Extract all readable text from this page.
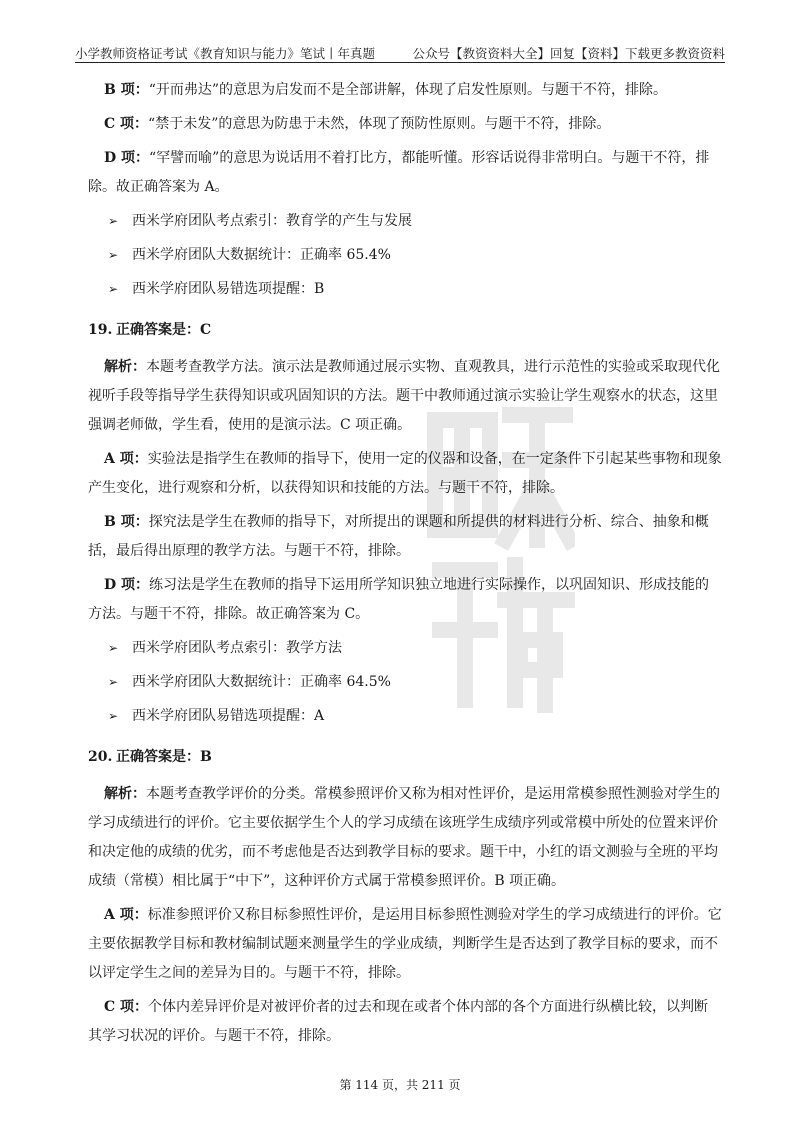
小学教师资格证考试《教育知识与能力》笔试丨年真题	公众号【教资资料大全】回复【资料】下载更多教资资料

B 项：“开而弗达”的意思为启发而不是全部讲解，体现了启发性原则。与题干不符，排除。

C 项：“禁于未发”的意思为防患于未然，体现了预防性原则。与题干不符，排除。

D 项：“罕譬而喻”的意思为说话用不着打比方，都能听懂。形容话说得非常明白。与题干不符，排除。故正确答案为 A。

➢ 西米学府团队考点索引：教育学的产生与发展

➢ 西米学府团队大数据统计：正确率 65.4%

➢ 西米学府团队易错选项提醒：B

19. 正确答案是：C

解析：本题考查教学方法。演示法是教师通过展示实物、直观教具，进行示范性的实验或采取现代化视听手段等指导学生获得知识或巩固知识的方法。题干中教师通过演示实验让学生观察水的状态，这里强调老师做，学生看，使用的是演示法。C 项正确。

A 项：实验法是指学生在教师的指导下，使用一定的仪器和设备，在一定条件下引起某些事物和现象产生变化，进行观察和分析，以获得知识和技能的方法。与题干不符，排除。

B 项：探究法是学生在教师的指导下，对所提出的课题和所提供的材料进行分析、综合、抽象和概括，最后得出原理的教学方法。与题干不符，排除。

D 项：练习法是学生在教师的指导下运用所学知识独立地进行实际操作，以巩固知识、形成技能的方法。与题干不符，排除。故正确答案为 C。

➢ 西米学府团队考点索引：教学方法

➢ 西米学府团队大数据统计：正确率 64.5%

➢ 西米学府团队易错选项提醒：A

20. 正确答案是：B

解析：本题考查教学评价的分类。常模参照评价又称为相对性评价，是运用常模参照性测验对学生的学习成绩进行的评价。它主要依据学生个人的学习成绩在该班学生成绩序列或常模中所处的位置来评价和决定他的成绩的优劣，而不考虑他是否达到教学目标的要求。题干中，小红的语文测验与全班的平均成绩（常模）相比属于“中下”，这种评价方式属于常模参照评价。B 项正确。

A 项：标准参照评价又称目标参照性评价，是运用目标参照性测验对学生的学习成绩进行的评价。它主要依据教学目标和教材编制试题来测量学生的学业成绩，判断学生是否达到了教学目标的要求，而不以评定学生之间的差异为目的。与题干不符，排除。

C 项：个体内差异评价是对被评价者的过去和现在或者个体内部的各个方面进行纵横比较，以判断其学习状况的评价。与题干不符，排除。

第 114 页，共 211 页
